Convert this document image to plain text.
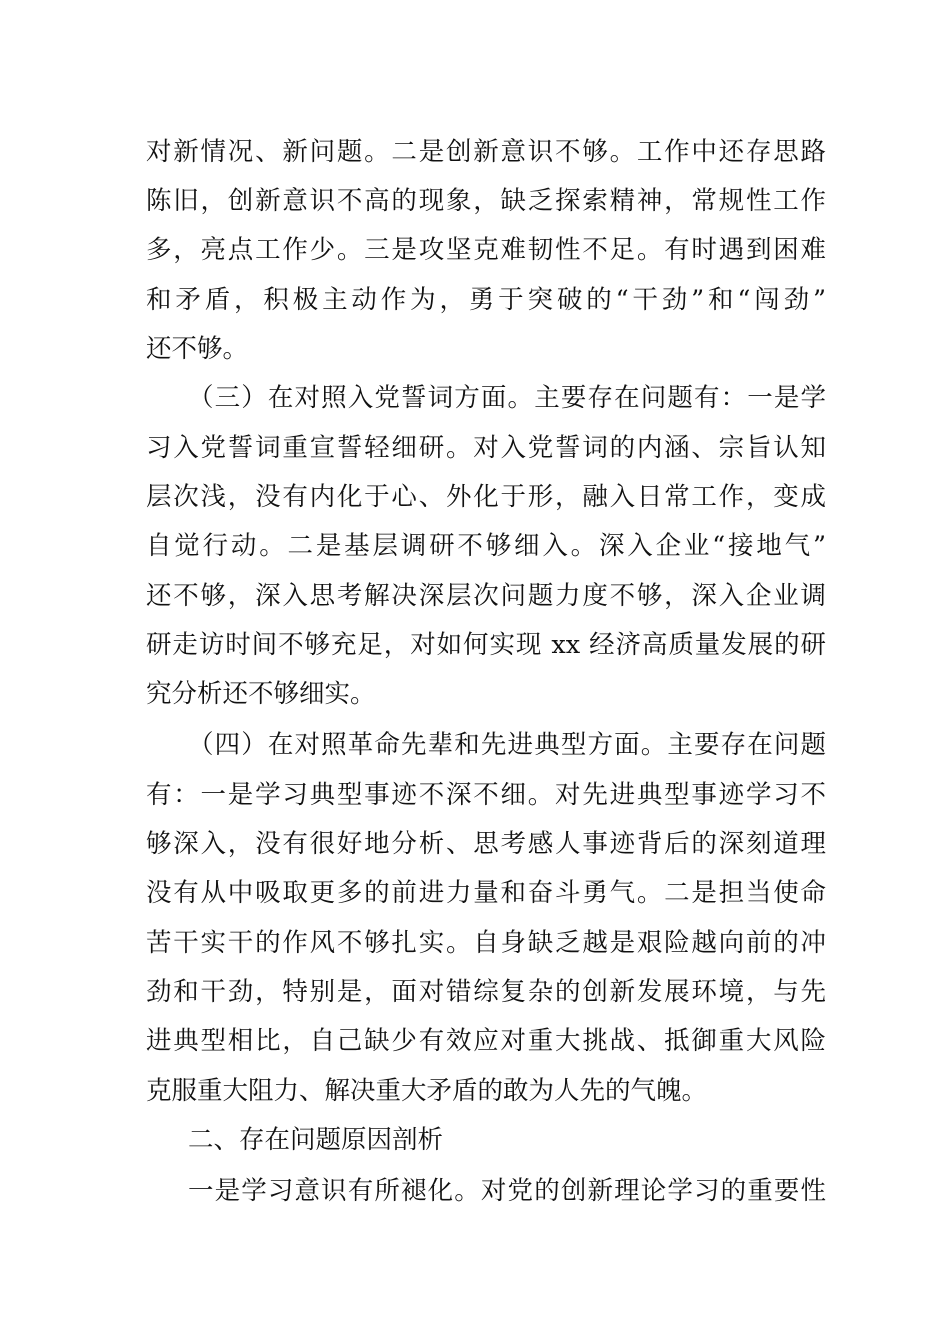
对新情况、新问题。二是创新意识不够。工作中还存思路
陈旧，创新意识不高的现象，缺乏探索精神，常规性工作
多，亮点工作少。三是攻坚克难韧性不足。有时遇到困难
和矛盾，积极主动作为，勇于突破的“干劲”和“闯劲”
还不够。
（三）在对照入党誓词方面。主要存在问题有：一是学
习入党誓词重宣誓轻细研。对入党誓词的内涵、宗旨认知
层次浅，没有内化于心、外化于形，融入日常工作，变成
自觉行动。二是基层调研不够细入。深入企业“接地气”
还不够，深入思考解决深层次问题力度不够，深入企业调
研走访时间不够充足，对如何实现 xx 经济高质量发展的研
究分析还不够细实。
（四）在对照革命先辈和先进典型方面。主要存在问题
有：一是学习典型事迹不深不细。对先进典型事迹学习不
够深入，没有很好地分析、思考感人事迹背后的深刻道理
没有从中吸取更多的前进力量和奋斗勇气。二是担当使命
苦干实干的作风不够扎实。自身缺乏越是艰险越向前的冲
劲和干劲，特别是，面对错综复杂的创新发展环境，与先
进典型相比，自己缺少有效应对重大挑战、抵御重大风险
克服重大阻力、解决重大矛盾的敢为人先的气魄。
二、存在问题原因剖析
一是学习意识有所褪化。对党的创新理论学习的重要性
